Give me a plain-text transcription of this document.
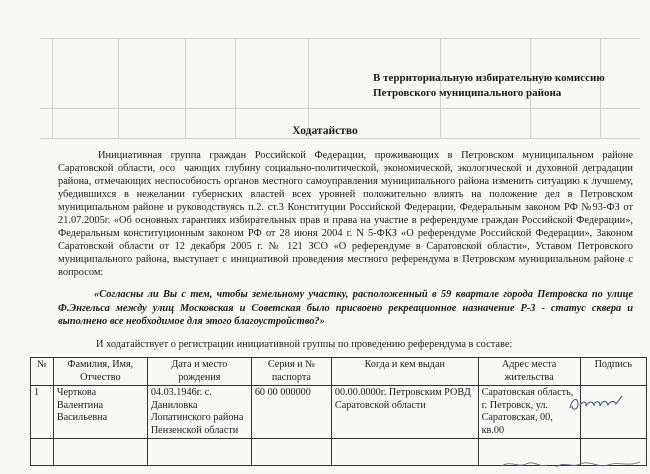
В территориальную избирательную комиссию
Петровского муниципального района
Ходатайство

Инициативная группа граждан Российской Федерации, проживающих в Петровском муниципальном районе Саратовской области, осо  чающих глубину социально-политической, экономической, экологической и духовной деградации района, отмечающих неспособность органов местного самоуправления муниципального района изменить ситуацию к лучшему, убедившихся в нежелании губернских властей всех уровней положительно влиять на положение дел в Петровском муниципальном районе и руководствуясь п.2. ст.3 Конституции Российской Федерации, Федеральным законом РФ №93-ФЗ от 21.07.2005г. «Об основных гарантиях избирательных прав и права на участие в референдуме граждан Российской Федерации», Федеральным конституционным законом РФ от 28 июня 2004 г. N 5-ФКЗ «О референдуме Российской Федерации», Законом Саратовской области от 12 декабря 2005 г. № 121 ЗСО «О референдуме в Саратовской области», Уставом Петровского муниципального района, выступает с инициативой проведения местного референдума в Петровском муниципальном районе с вопросом:

«Согласны ли Вы с тем, чтобы земельному участку, расположенный в 59 квартале города Петровска по улице Ф.Энгельса между улиц Московская и Советская было присвоено рекреационное назначение Р-3 - статус сквера и выполнено все необходимое для этого благоустройство?»
И ходатайствует о регистрации инициативной группы по проведению референдума в составе:
№	Фамилия, Имя, Отчество	Дата и место рождения	Серия и № паспорта	Когда и кем выдан	Адрес места жительства	Подпись
1	Черткова Валентина Васильевна	04.03.1946г. с. Даниловка Лопатинского района Пензенской области	60 00 000000	00.00.0000г. Петровским РОВД Саратовской области	Саратовская область, г. Петровск, ул. Саратовская, 00, кв.00	
